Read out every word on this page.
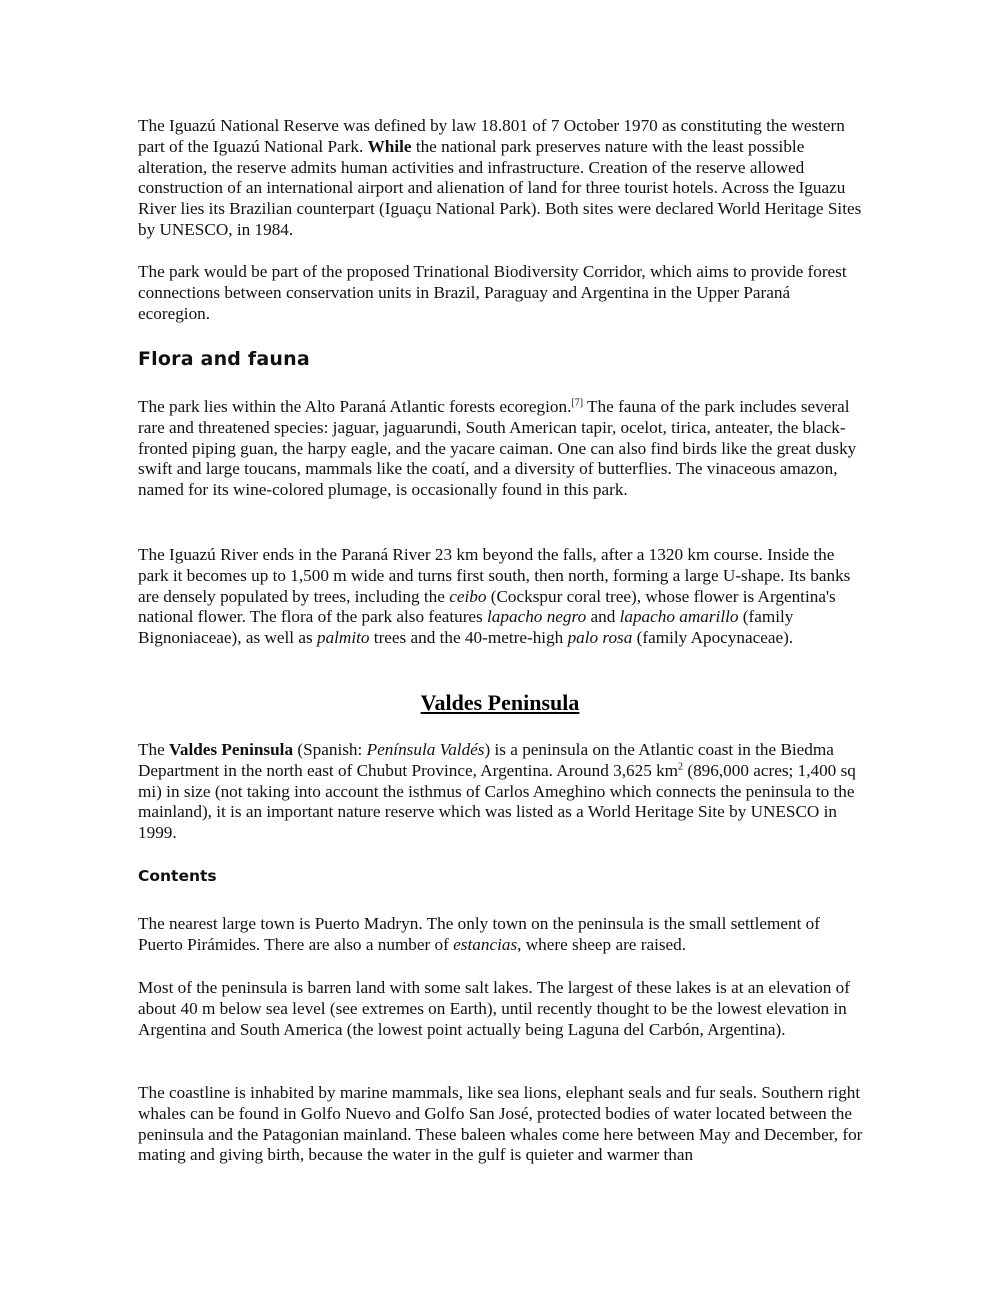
The Iguazú National Reserve was defined by law 18.801 of 7 October 1970 as constituting the western part of the Iguazú National Park. While the national park preserves nature with the least possible alteration, the reserve admits human activities and infrastructure. Creation of the reserve allowed construction of an international airport and alienation of land for three tourist hotels. Across the Iguazu River lies its Brazilian counterpart (Iguaçu National Park). Both sites were declared World Heritage Sites by UNESCO, in 1984.

The park would be part of the proposed Trinational Biodiversity Corridor, which aims to provide forest connections between conservation units in Brazil, Paraguay and Argentina in the Upper Paraná ecoregion.

Flora and fauna

The park lies within the Alto Paraná Atlantic forests ecoregion.[7] The fauna of the park includes several rare and threatened species: jaguar, jaguarundi, South American tapir, ocelot, tirica, anteater, the black-fronted piping guan, the harpy eagle, and the yacare caiman. One can also find birds like the great dusky swift and large toucans, mammals like the coatí, and a diversity of butterflies. The vinaceous amazon, named for its wine-colored plumage, is occasionally found in this park.

The Iguazú River ends in the Paraná River 23 km beyond the falls, after a 1320 km course. Inside the park it becomes up to 1,500 m wide and turns first south, then north, forming a large U-shape. Its banks are densely populated by trees, including the ceibo (Cockspur coral tree), whose flower is Argentina's national flower. The flora of the park also features lapacho negro and lapacho amarillo (family Bignoniaceae), as well as palmito trees and the 40-metre-high palo rosa (family Apocynaceae).

Valdes Peninsula

The Valdes Peninsula (Spanish: Península Valdés) is a peninsula on the Atlantic coast in the Biedma Department in the north east of Chubut Province, Argentina. Around 3,625 $km^2$ (896,000 acres; 1,400 sq mi) in size (not taking into account the isthmus of Carlos Ameghino which connects the peninsula to the mainland), it is an important nature reserve which was listed as a World Heritage Site by UNESCO in 1999.

Contents

The nearest large town is Puerto Madryn. The only town on the peninsula is the small settlement of Puerto Pirámides. There are also a number of estancias, where sheep are raised.

Most of the peninsula is barren land with some salt lakes. The largest of these lakes is at an elevation of about 40 m below sea level (see extremes on Earth), until recently thought to be the lowest elevation in Argentina and South America (the lowest point actually being Laguna del Carbón, Argentina).

The coastline is inhabited by marine mammals, like sea lions, elephant seals and fur seals. Southern right whales can be found in Golfo Nuevo and Golfo San José, protected bodies of water located between the peninsula and the Patagonian mainland. These baleen whales come here between May and December, for mating and giving birth, because the water in the gulf is quieter and warmer than
